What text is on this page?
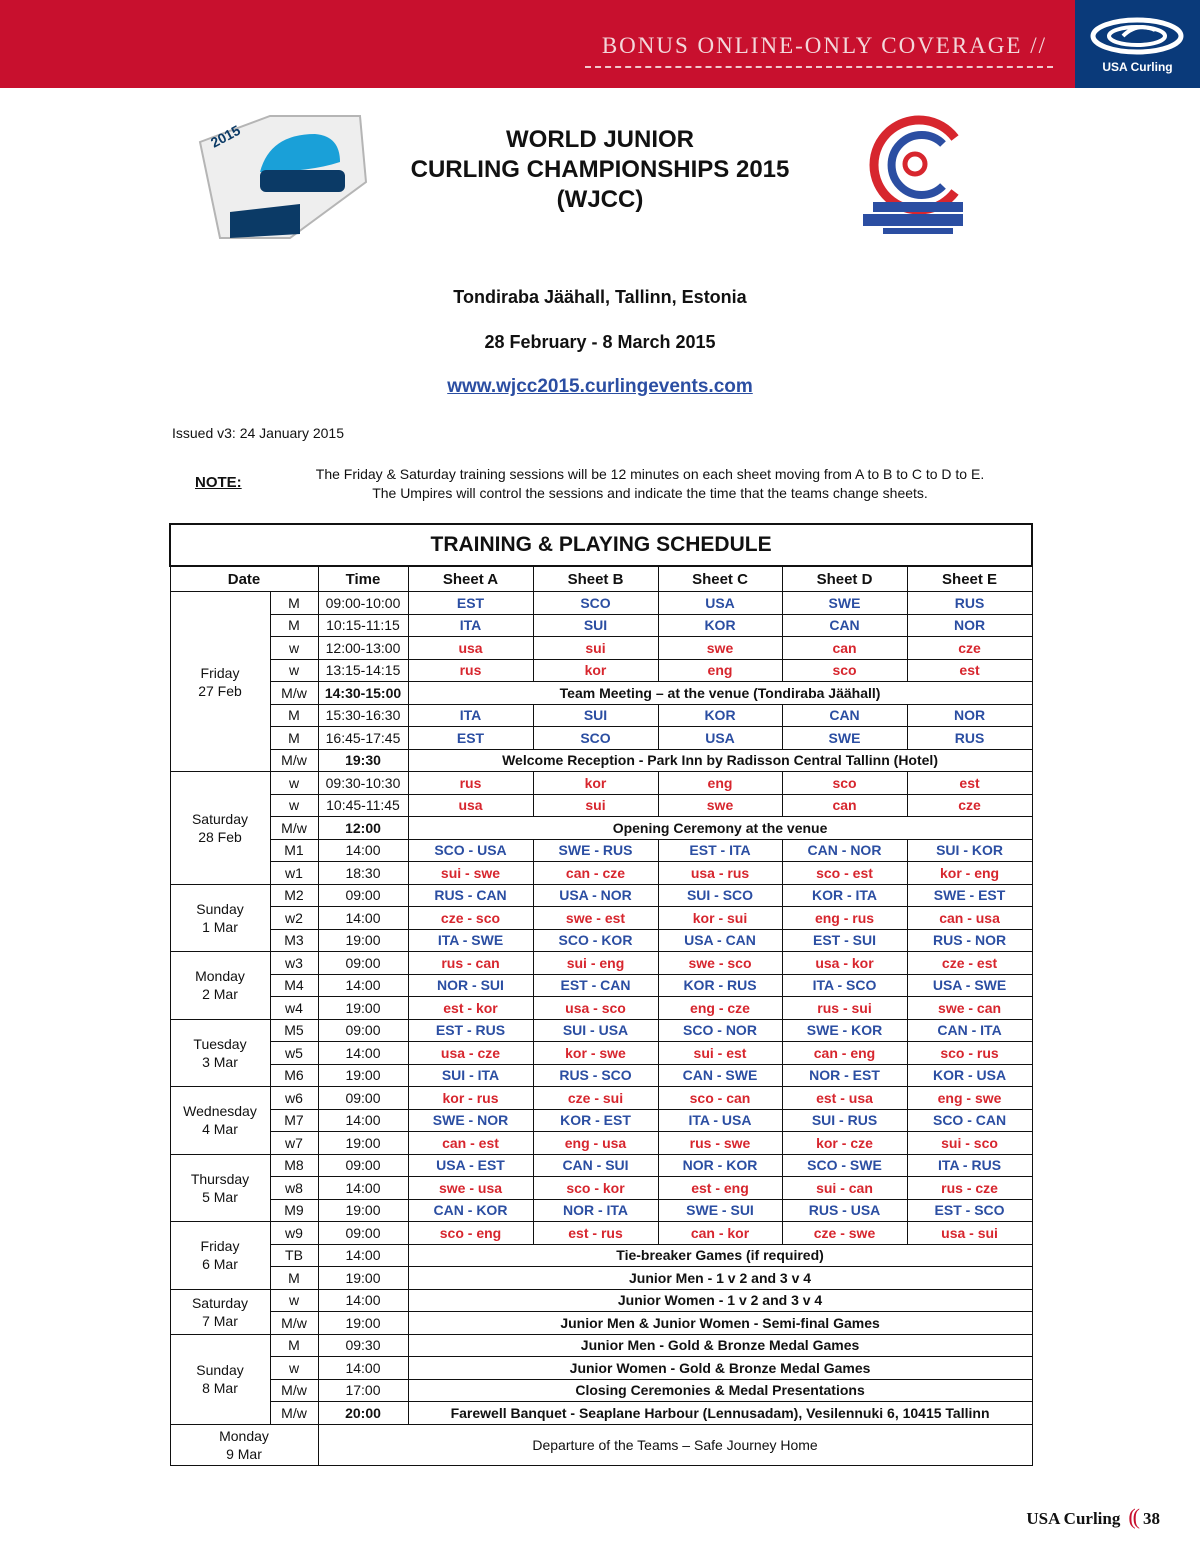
BONUS ONLINE-ONLY COVERAGE //
USA Curling
2015	WORLD JUNIOR
CURLING CHAMPIONSHIPS 2015
(WJCC)
Tondiraba Jäähall, Tallinn, Estonia
28 February - 8 March 2015
www.wjcc2015.curlingevents.com
Issued v3: 24 January 2015
NOTE:	The Friday & Saturday training sessions will be 12 minutes on each sheet moving from A to B to C to D to E.
The Umpires will control the sessions and indicate the time that the teams change sheets.
TRAINING & PLAYING SCHEDULE							
Date		Time	Sheet A	Sheet B	Sheet C	Sheet D	Sheet E

Friday
27 Feb	M	09:00-10:00	EST	SCO	USA	SWE	RUS
	M	10:15-11:15	ITA	SUI	KOR	CAN	NOR
	w	12:00-13:00	usa	sui	swe	can	cze
	w	13:15-14:15	rus	kor	eng	sco	est
	M/w	14:30-15:00	Team Meeting – at the venue (Tondiraba Jäähall)				
	M	15:30-16:30	ITA	SUI	KOR	CAN	NOR
	M	16:45-17:45	EST	SCO	USA	SWE	RUS
	M/w	19:30	Welcome Reception - Park Inn by Radisson Central Tallinn (Hotel)				

Saturday
28 Feb	w	09:30-10:30	rus	kor	eng	sco	est
	w	10:45-11:45	usa	sui	swe	can	cze
	M/w	12:00	Opening Ceremony at the venue				
	M1	14:00	SCO - USA	SWE - RUS	EST - ITA	CAN - NOR	SUI - KOR
	w1	18:30	sui - swe	can - cze	usa - rus	sco - est	kor - eng

Sunday
1 Mar	M2	09:00	RUS - CAN	USA - NOR	SUI - SCO	KOR - ITA	SWE - EST
	w2	14:00	cze - sco	swe - est	kor - sui	eng - rus	can - usa
	M3	19:00	ITA - SWE	SCO - KOR	USA - CAN	EST - SUI	RUS - NOR

Monday
2 Mar	w3	09:00	rus - can	sui - eng	swe - sco	usa - kor	cze - est
	M4	14:00	NOR - SUI	EST - CAN	KOR - RUS	ITA - SCO	USA - SWE
	w4	19:00	est - kor	usa - sco	eng - cze	rus - sui	swe - can

Tuesday
3 Mar	M5	09:00	EST - RUS	SUI - USA	SCO - NOR	SWE - KOR	CAN - ITA
	w5	14:00	usa - cze	kor - swe	sui - est	can - eng	sco - rus
	M6	19:00	SUI - ITA	RUS - SCO	CAN - SWE	NOR - EST	KOR - USA

Wednesday
4 Mar	w6	09:00	kor - rus	cze - sui	sco - can	est - usa	eng - swe
	M7	14:00	SWE - NOR	KOR - EST	ITA - USA	SUI - RUS	SCO - CAN
	w7	19:00	can - est	eng - usa	rus - swe	kor - cze	sui - sco

Thursday
5 Mar	M8	09:00	USA - EST	CAN - SUI	NOR - KOR	SCO - SWE	ITA - RUS
	w8	14:00	swe - usa	sco - kor	est - eng	sui - can	rus - cze
	M9	19:00	CAN - KOR	NOR - ITA	SWE - SUI	RUS - USA	EST - SCO

Friday
6 Mar	w9	09:00	sco - eng	est - rus	can - kor	cze - swe	usa - sui
	TB	14:00	Tie-breaker Games (if required)				
	M	19:00	Junior Men - 1 v 2 and 3 v 4				

Saturday
7 Mar	w	14:00	Junior Women - 1 v 2 and 3 v 4				
	M/w	19:00	Junior Men & Junior Women - Semi-final Games				

Sunday
8 Mar	M	09:30	Junior Men - Gold & Bronze Medal Games				
	w	14:00	Junior Women - Gold & Bronze Medal Games				
	M/w	17:00	Closing Ceremonies & Medal Presentations				
	M/w	20:00	Farewell Banquet - Seaplane Harbour (Lennusadam), Vesilennuki 6, 10415 Tallinn				

Monday
9 Mar		Departure of the Teams – Safe Journey Home					
USA Curling (( 38
